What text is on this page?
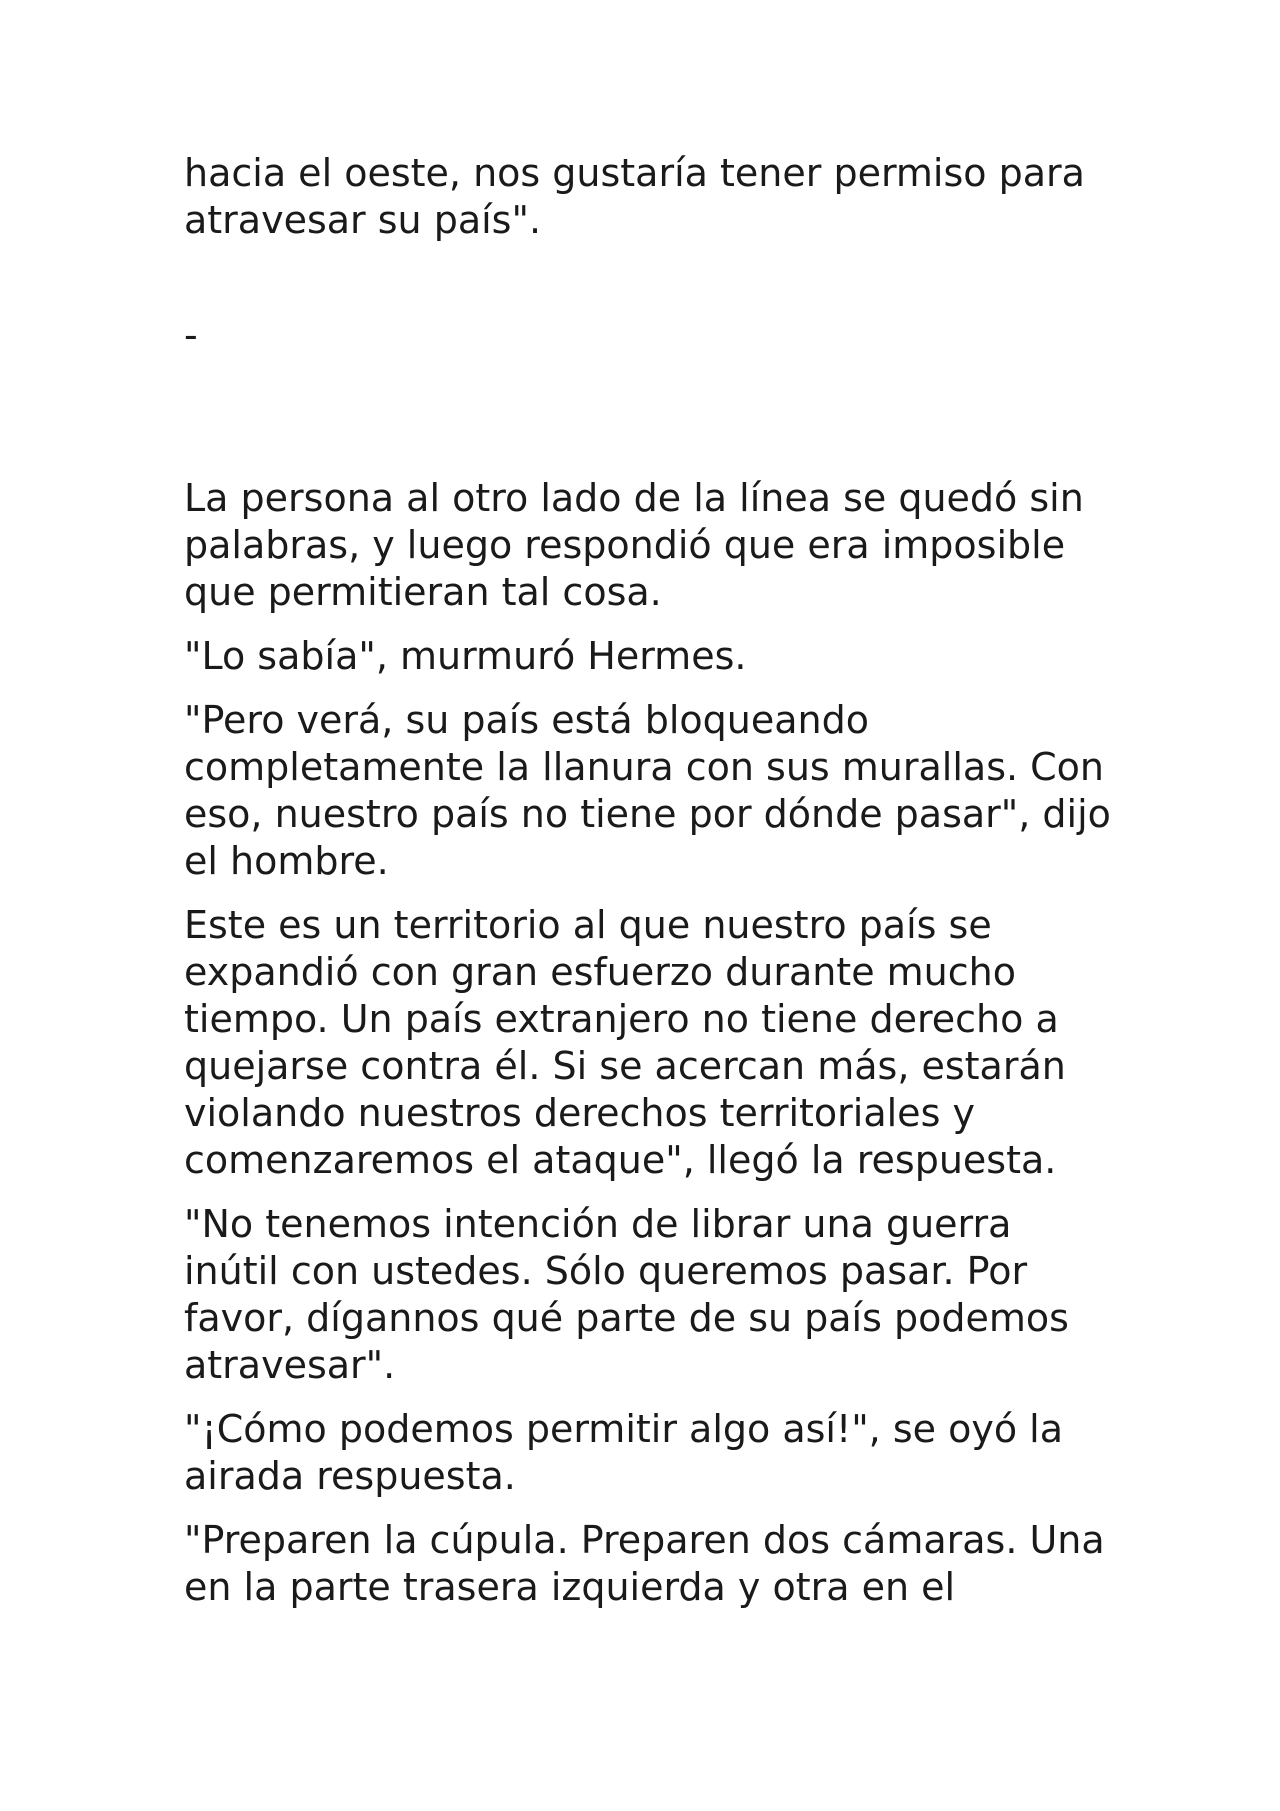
hacia el oeste, nos gustaría tener permiso para atravesar su país".

-

La persona al otro lado de la línea se quedó sin palabras, y luego respondió que era imposible que permitieran tal cosa.

"Lo sabía", murmuró Hermes.

"Pero verá, su país está bloqueando completamente la llanura con sus murallas. Con eso, nuestro país no tiene por dónde pasar", dijo el hombre.

Este es un territorio al que nuestro país se expandió con gran esfuerzo durante mucho tiempo. Un país extranjero no tiene derecho a quejarse contra él. Si se acercan más, estarán violando nuestros derechos territoriales y comenzaremos el ataque", llegó la respuesta.

"No tenemos intención de librar una guerra inútil con ustedes. Sólo queremos pasar. Por favor, dígannos qué parte de su país podemos atravesar".

"¡Cómo podemos permitir algo así!", se oyó la airada respuesta.

"Preparen la cúpula. Preparen dos cámaras. Una en la parte trasera izquierda y otra en el
